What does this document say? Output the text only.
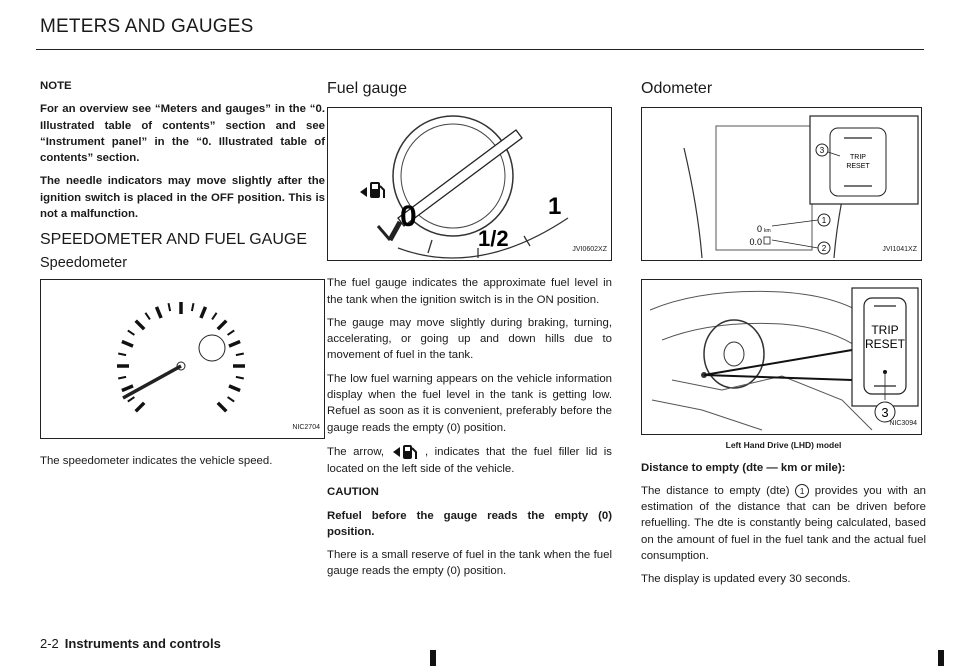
METERS AND GAUGES

NOTE

For an overview see “Meters and gauges” in the “0. Illustrated table of contents” section and see “Instrument panel” in the “0. Illustrated table of contents” section.

The needle indicators may move slightly after the ignition switch is placed in the OFF position. This is not a malfunction.

SPEEDOMETER AND FUEL GAUGE
Speedometer
NIC2704

The speedometer indicates the vehicle speed.

Fuel gauge
0
1/2
1
JVI0602XZ

The fuel gauge indicates the approximate fuel level in the tank when the ignition switch is in the ON position.

The gauge may move slightly during braking, turning, accelerating, or going up and down hills due to movement of fuel in the tank.

The low fuel warning appears on the vehicle information display when the fuel level in the tank is getting low. Refuel as soon as it is convenient, preferably before the gauge reads the empty (0) position.

The arrow,	, indicates that the fuel filler lid is located on the left side of the vehicle.

CAUTION

Refuel before the gauge reads the empty (0) position.

There is a small reserve of fuel in the tank when the fuel gauge reads the empty (0) position.

Odometer
0 km
0.0
TRIP
RESET
3
1
2	JVI1041XZ
TRIP
RESET
3
NIC3094
Left Hand Drive (LHD) model

Distance to empty (dte — km or mile):

The distance to empty (dte) 1 provides you with an estimation of the distance that can be driven before refuelling. The dte is constantly being calculated, based on the amount of fuel in the fuel tank and the actual fuel consumption.

The display is updated every 30 seconds.

2-2 Instruments and controls
